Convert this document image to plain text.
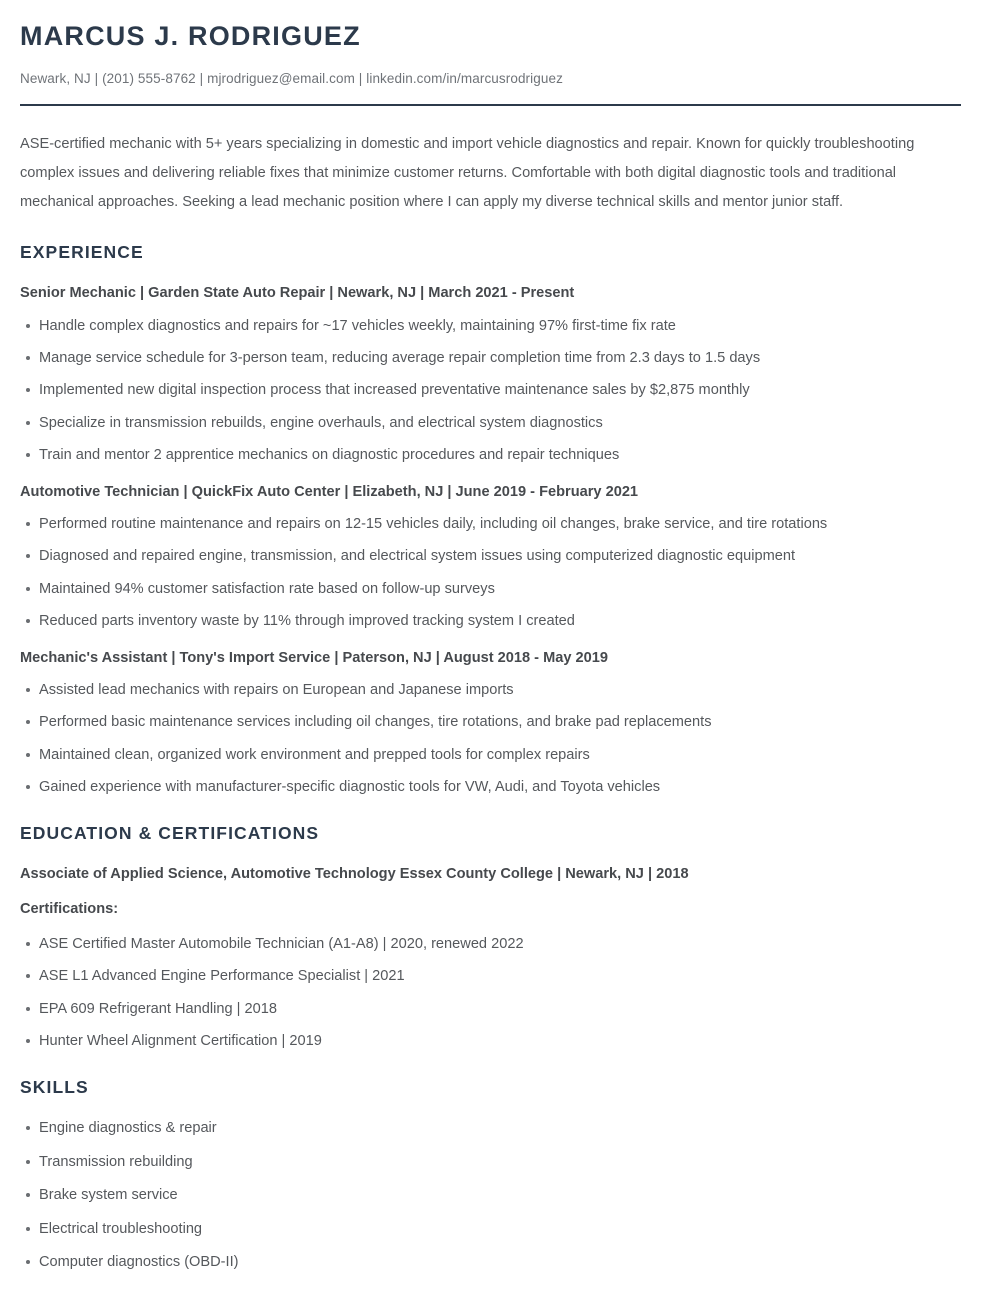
MARCUS J. RODRIGUEZ
Newark, NJ | (201) 555-8762 | mjrodriguez@email.com | linkedin.com/in/marcusrodriguez

ASE-certified mechanic with 5+ years specializing in domestic and import vehicle diagnostics and repair. Known for quickly troubleshooting complex issues and delivering reliable fixes that minimize customer returns. Comfortable with both digital diagnostic tools and traditional mechanical approaches. Seeking a lead mechanic position where I can apply my diverse technical skills and mentor junior staff.

EXPERIENCE
Senior Mechanic | Garden State Auto Repair | Newark, NJ | March 2021 - Present
Handle complex diagnostics and repairs for ~17 vehicles weekly, maintaining 97% first-time fix rate
Manage service schedule for 3-person team, reducing average repair completion time from 2.3 days to 1.5 days
Implemented new digital inspection process that increased preventative maintenance sales by $2,875 monthly
Specialize in transmission rebuilds, engine overhauls, and electrical system diagnostics
Train and mentor 2 apprentice mechanics on diagnostic procedures and repair techniques
Automotive Technician | QuickFix Auto Center | Elizabeth, NJ | June 2019 - February 2021
Performed routine maintenance and repairs on 12-15 vehicles daily, including oil changes, brake service, and tire rotations
Diagnosed and repaired engine, transmission, and electrical system issues using computerized diagnostic equipment
Maintained 94% customer satisfaction rate based on follow-up surveys
Reduced parts inventory waste by 11% through improved tracking system I created
Mechanic's Assistant | Tony's Import Service | Paterson, NJ | August 2018 - May 2019
Assisted lead mechanics with repairs on European and Japanese imports
Performed basic maintenance services including oil changes, tire rotations, and brake pad replacements
Maintained clean, organized work environment and prepped tools for complex repairs
Gained experience with manufacturer-specific diagnostic tools for VW, Audi, and Toyota vehicles
EDUCATION & CERTIFICATIONS
Associate of Applied Science, Automotive Technology Essex County College | Newark, NJ | 2018
Certifications:
ASE Certified Master Automobile Technician (A1-A8) | 2020, renewed 2022
ASE L1 Advanced Engine Performance Specialist | 2021
EPA 609 Refrigerant Handling | 2018
Hunter Wheel Alignment Certification | 2019
SKILLS
Engine diagnostics & repair
Transmission rebuilding
Brake system service
Electrical troubleshooting
Computer diagnostics (OBD-II)
